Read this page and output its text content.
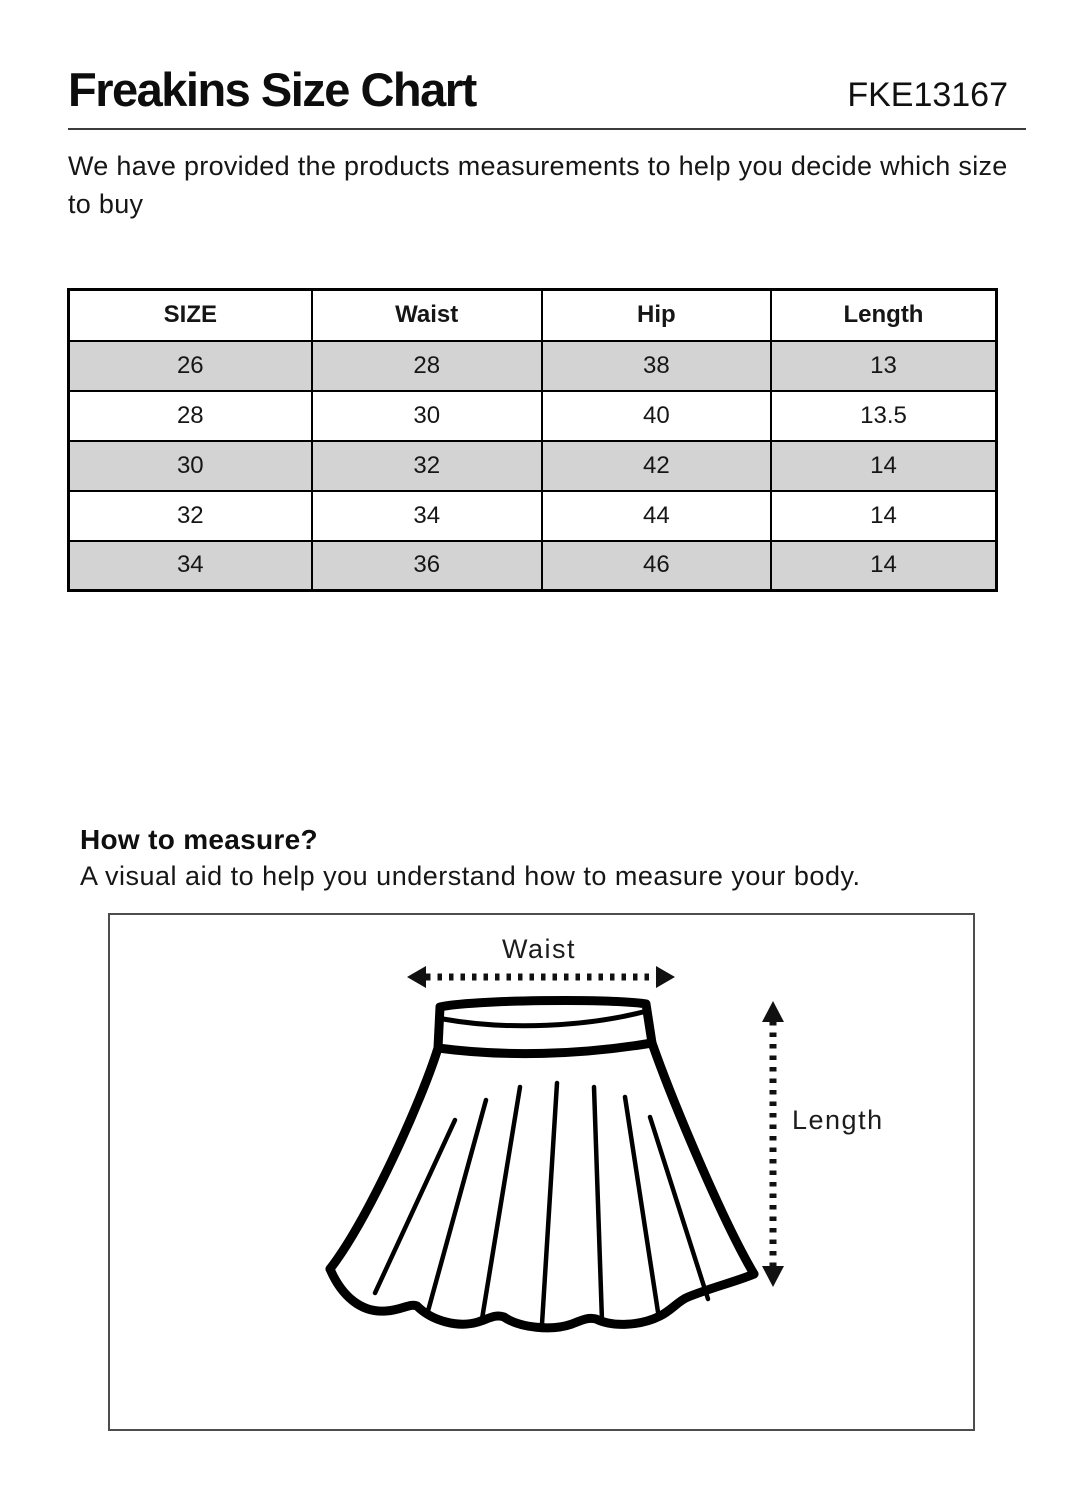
Freakins Size Chart	FKE13167

We have provided the products measurements to help you decide which size to buy

SIZE	Waist	Hip	Length
26	28	38	13
28	30	40	13.5
30	32	42	14
32	34	44	14
34	36	46	14
How to measure?
A visual aid to help you understand how to measure your body.
Waist
Length
